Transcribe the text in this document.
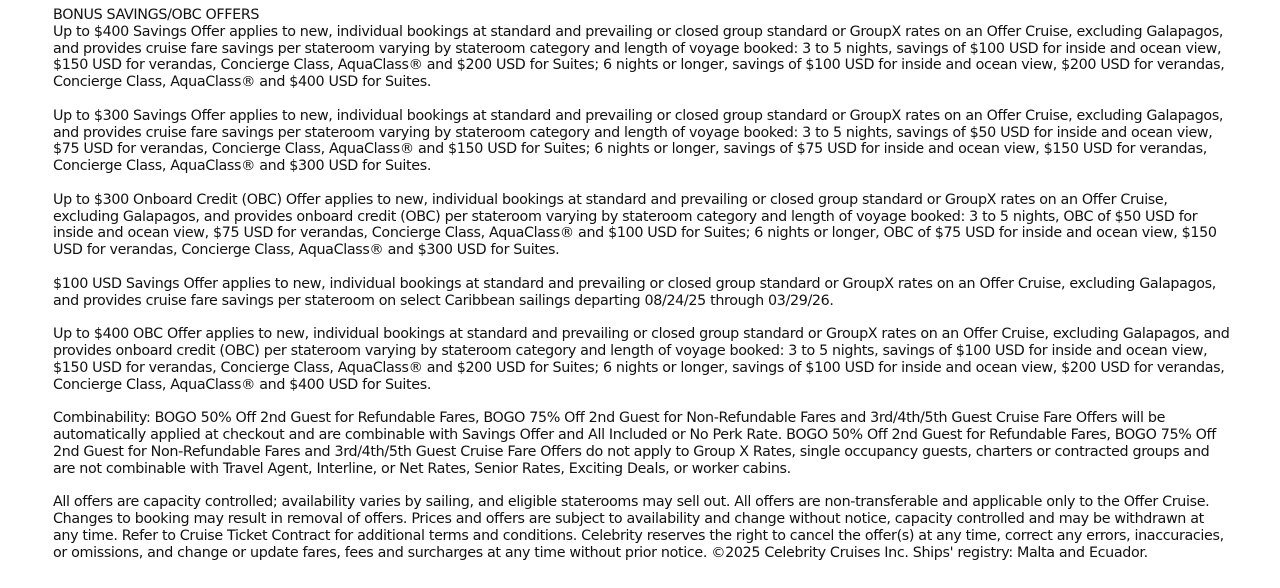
BONUS SAVINGS/OBC OFFERS

Up to $400 Savings Offer applies to new, individual bookings at standard and prevailing or closed group standard or GroupX rates on an Offer Cruise, excluding Galapagos, and provides cruise fare savings per stateroom varying by stateroom category and length of voyage booked: 3 to 5 nights, savings of $100 USD for inside and ocean view, $150 USD for verandas, Concierge Class, AquaClass® and $200 USD for Suites; 6 nights or longer, savings of $100 USD for inside and ocean view, $200 USD for verandas, Concierge Class, AquaClass® and $400 USD for Suites.

Up to $300 Savings Offer applies to new, individual bookings at standard and prevailing or closed group standard or GroupX rates on an Offer Cruise, excluding Galapagos, and provides cruise fare savings per stateroom varying by stateroom category and length of voyage booked: 3 to 5 nights, savings of $50 USD for inside and ocean view, $75 USD for verandas, Concierge Class, AquaClass® and $150 USD for Suites; 6 nights or longer, savings of $75 USD for inside and ocean view, $150 USD for verandas, Concierge Class, AquaClass® and $300 USD for Suites.

Up to $300 Onboard Credit (OBC) Offer applies to new, individual bookings at standard and prevailing or closed group standard or GroupX rates on an Offer Cruise, excluding Galapagos, and provides onboard credit (OBC) per stateroom varying by stateroom category and length of voyage booked: 3 to 5 nights, OBC of $50 USD for inside and ocean view, $75 USD for verandas, Concierge Class, AquaClass® and $100 USD for Suites; 6 nights or longer, OBC of $75 USD for inside and ocean view, $150 USD for verandas, Concierge Class, AquaClass® and $300 USD for Suites.

$100 USD Savings Offer applies to new, individual bookings at standard and prevailing or closed group standard or GroupX rates on an Offer Cruise, excluding Galapagos, and provides cruise fare savings per stateroom on select Caribbean sailings departing 08/24/25 through 03/29/26.

Up to $400 OBC Offer applies to new, individual bookings at standard and prevailing or closed group standard or GroupX rates on an Offer Cruise, excluding Galapagos, and provides onboard credit (OBC) per stateroom varying by stateroom category and length of voyage booked: 3 to 5 nights, savings of $100 USD for inside and ocean view, $150 USD for verandas, Concierge Class, AquaClass® and $200 USD for Suites; 6 nights or longer, savings of $100 USD for inside and ocean view, $200 USD for verandas, Concierge Class, AquaClass® and $400 USD for Suites.

Combinability: BOGO 50% Off 2nd Guest for Refundable Fares, BOGO 75% Off 2nd Guest for Non-Refundable Fares and 3rd/4th/5th Guest Cruise Fare Offers will be automatically applied at checkout and are combinable with Savings Offer and All Included or No Perk Rate. BOGO 50% Off 2nd Guest for Refundable Fares, BOGO 75% Off 2nd Guest for Non-Refundable Fares and 3rd/4th/5th Guest Cruise Fare Offers do not apply to Group X Rates, single occupancy guests, charters or contracted groups and are not combinable with Travel Agent, Interline, or Net Rates, Senior Rates, Exciting Deals, or worker cabins.

All offers are capacity controlled; availability varies by sailing, and eligible staterooms may sell out. All offers are non-transferable and applicable only to the Offer Cruise. Changes to booking may result in removal of offers. Prices and offers are subject to availability and change without notice, capacity controlled and may be withdrawn at any time. Refer to Cruise Ticket Contract for additional terms and conditions. Celebrity reserves the right to cancel the offer(s) at any time, correct any errors, inaccuracies, or omissions, and change or update fares, fees and surcharges at any time without prior notice. ©2025 Celebrity Cruises Inc. Ships' registry: Malta and Ecuador.
